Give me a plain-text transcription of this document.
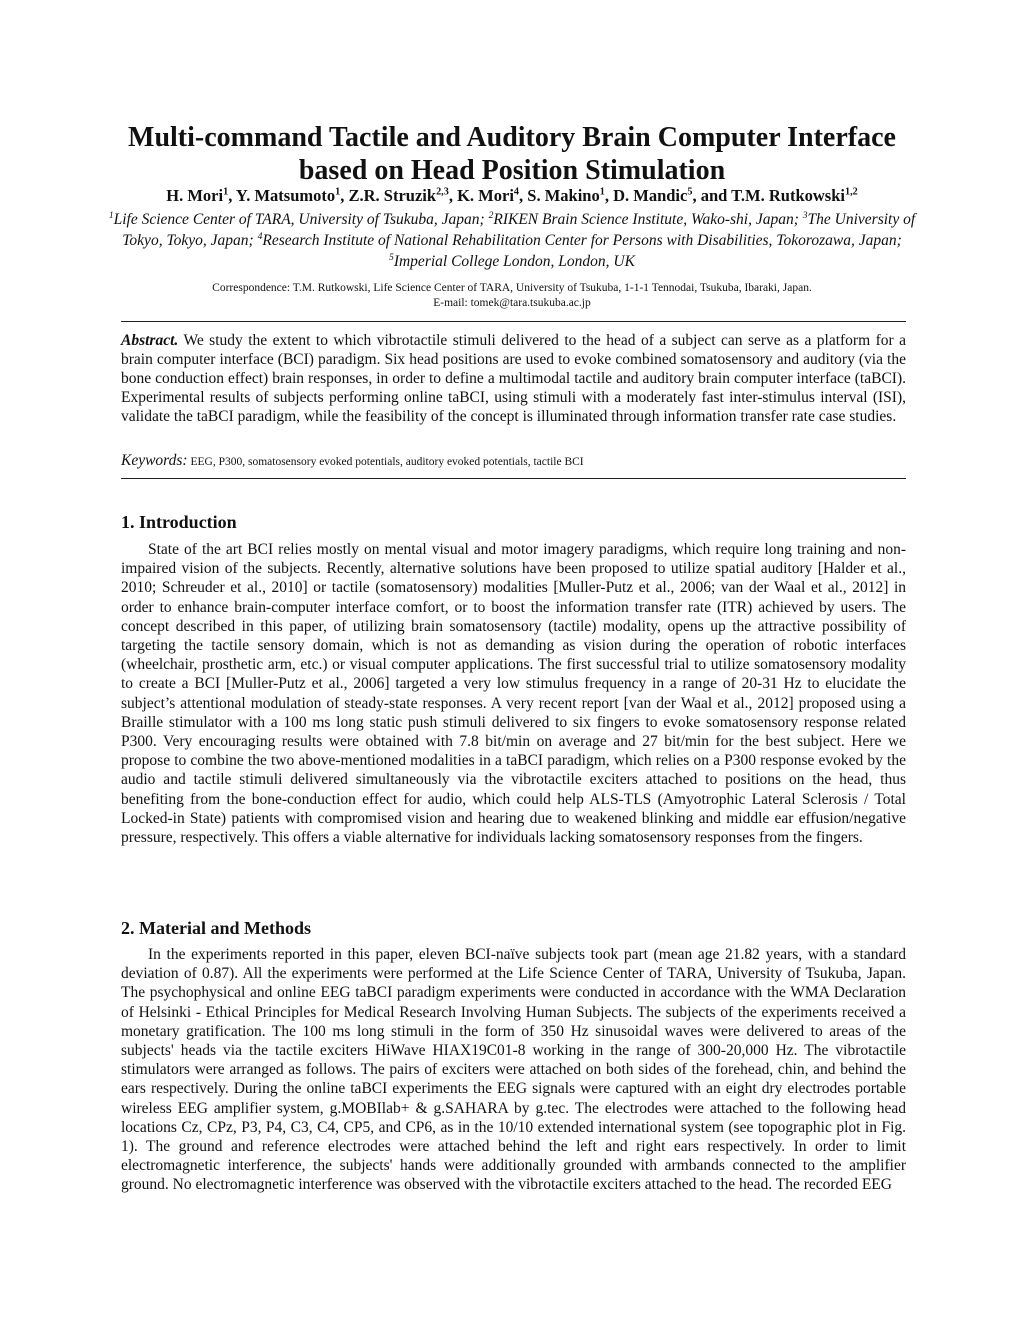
Multi-command Tactile and Auditory Brain Computer Interface based on Head Position Stimulation
H. Mori$^1$, Y. Matsumoto$^1$, Z.R. Struzik$^{2,3}$, K. Mori$^4$, S. Makino$^1$, D. Mandic$^5$, and T.M. Rutkowski$^{1,2}$
$^1$Life Science Center of TARA, University of Tsukuba, Japan; $^2$RIKEN Brain Science Institute, Wako-shi, Japan; $^3$The University of Tokyo, Tokyo, Japan; $^4$Research Institute of National Rehabilitation Center for Persons with Disabilities, Tokorozawa, Japan; $^5$Imperial College London, London, UK
Correspondence: T.M. Rutkowski, Life Science Center of TARA, University of Tsukuba, 1-1-1 Tennodai, Tsukuba, Ibaraki, Japan.
E-mail: tomek@tara.tsukuba.ac.jp
Abstract. We study the extent to which vibrotactile stimuli delivered to the head of a subject can serve as a platform for a brain computer interface (BCI) paradigm. Six head positions are used to evoke combined somatosensory and auditory (via the bone conduction effect) brain responses, in order to define a multimodal tactile and auditory brain computer interface (taBCI). Experimental results of subjects performing online taBCI, using stimuli with a moderately fast inter-stimulus interval (ISI), validate the taBCI paradigm, while the feasibility of the concept is illuminated through information transfer rate case studies.
Keywords: EEG, P300, somatosensory evoked potentials, auditory evoked potentials, tactile BCI
1. Introduction

State of the art BCI relies mostly on mental visual and motor imagery paradigms, which require long training and non-impaired vision of the subjects. Recently, alternative solutions have been proposed to utilize spatial auditory [Halder et al., 2010; Schreuder et al., 2010] or tactile (somatosensory) modalities [Muller-Putz et al., 2006; van der Waal et al., 2012] in order to enhance brain-computer interface comfort, or to boost the information transfer rate (ITR) achieved by users. The concept described in this paper, of utilizing brain somatosensory (tactile) modality, opens up the attractive possibility of targeting the tactile sensory domain, which is not as demanding as vision during the operation of robotic interfaces (wheelchair, prosthetic arm, etc.) or visual computer applications. The first successful trial to utilize somatosensory modality to create a BCI [Muller-Putz et al., 2006] targeted a very low stimulus frequency in a range of 20-31 Hz to elucidate the subject’s attentional modulation of steady-state responses. A very recent report [van der Waal et al., 2012] proposed using a Braille stimulator with a 100 ms long static push stimuli delivered to six fingers to evoke somatosensory response related P300. Very encouraging results were obtained with 7.8 bit/min on average and 27 bit/min for the best subject. Here we propose to combine the two above-mentioned modalities in a taBCI paradigm, which relies on a P300 response evoked by the audio and tactile stimuli delivered simultaneously via the vibrotactile exciters attached to positions on the head, thus benefiting from the bone-conduction effect for audio, which could help ALS-TLS (Amyotrophic Lateral Sclerosis / Total Locked-in State) patients with compromised vision and hearing due to weakened blinking and middle ear effusion/negative pressure, respectively. This offers a viable alternative for individuals lacking somatosensory responses from the fingers.

2. Material and Methods

In the experiments reported in this paper, eleven BCI-naïve subjects took part (mean age 21.82 years, with a standard deviation of 0.87). All the experiments were performed at the Life Science Center of TARA, University of Tsukuba, Japan. The psychophysical and online EEG taBCI paradigm experiments were conducted in accordance with the WMA Declaration of Helsinki - Ethical Principles for Medical Research Involving Human Subjects. The subjects of the experiments received a monetary gratification. The 100 ms long stimuli in the form of 350 Hz sinusoidal waves were delivered to areas of the subjects' heads via the tactile exciters HiWave HIAX19C01-8 working in the range of 300-20,000 Hz. The vibrotactile stimulators were arranged as follows. The pairs of exciters were attached on both sides of the forehead, chin, and behind the ears respectively. During the online taBCI experiments the EEG signals were captured with an eight dry electrodes portable wireless EEG amplifier system, g.MOBIlab+ & g.SAHARA by g.tec. The electrodes were attached to the following head locations Cz, CPz, P3, P4, C3, C4, CP5, and CP6, as in the 10/10 extended international system (see topographic plot in Fig. 1). The ground and reference electrodes were attached behind the left and right ears respectively. In order to limit electromagnetic interference, the subjects' hands were additionally grounded with armbands connected to the amplifier ground. No electromagnetic interference was observed with the vibrotactile exciters attached to the head. The recorded EEG
